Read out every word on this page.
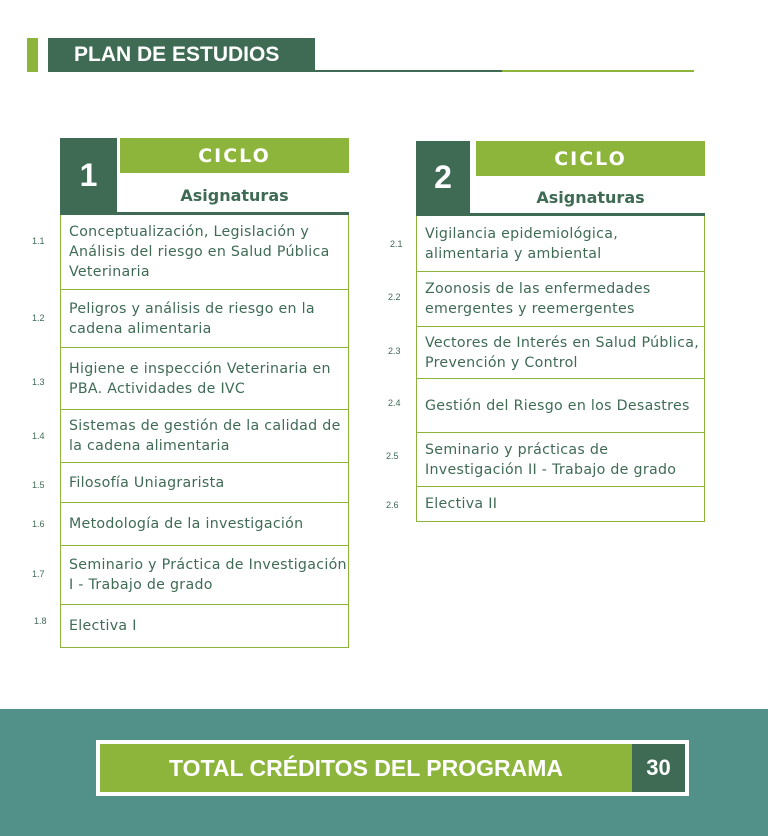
PLAN DE ESTUDIOS
1
CICLO
Asignaturas
Conceptualización, Legislación y Análisis del riesgo en Salud Pública Veterinaria
Peligros y análisis de riesgo en la cadena alimentaria
Higiene e inspección Veterinaria en PBA. Actividades de IVC
Sistemas de gestión de la calidad de la cadena alimentaria
Filosofía Uniagrarista
Metodología de la investigación
Seminario y Práctica de Investigación I - Trabajo de grado
Electiva I
1.1
1.2
1.3
1.4
1.5
1.6
1.7
1.8
2	CICLO
Asignaturas
Vigilancia epidemiológica, alimentaria y ambiental
Zoonosis de las enfermedades emergentes y reemergentes
Vectores de Interés en Salud Pública, Prevención y Control
Gestión del Riesgo en los Desastres
Seminario y prácticas de Investigación II - Trabajo de grado
Electiva II
2.1
2.2
2.3
2.4
2.5
2.6
TOTAL CRÉDITOS DEL PROGRAMA	30
